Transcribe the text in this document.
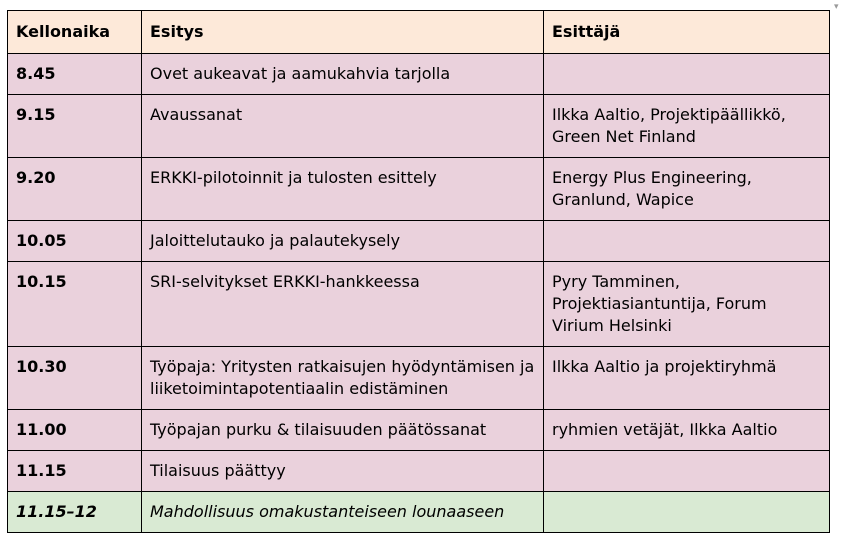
▾
Kellonaika	Esitys	Esittäjä
8.45	Ovet aukeavat ja aamukahvia tarjolla	
9.15	Avaussanat	Ilkka Aaltio, Projektipäällikkö, Green Net Finland
9.20	ERKKI-pilotoinnit ja tulosten esittely	Energy Plus Engineering, Granlund, Wapice
10.05	Jaloittelutauko ja palautekysely	
10.15	SRI-selvitykset ERKKI-hankkeessa	Pyry Tamminen, Projektiasiantuntija, Forum Virium Helsinki
10.30	Työpaja: Yritysten ratkaisujen hyödyntämisen ja liiketoimintapotentiaalin edistäminen	Ilkka Aaltio ja projektiryhmä
11.00	Työpajan purku & tilaisuuden päätössanat	ryhmien vetäjät, Ilkka Aaltio
11.15	Tilaisuus päättyy	
11.15–12	Mahdollisuus omakustanteiseen lounaaseen	
